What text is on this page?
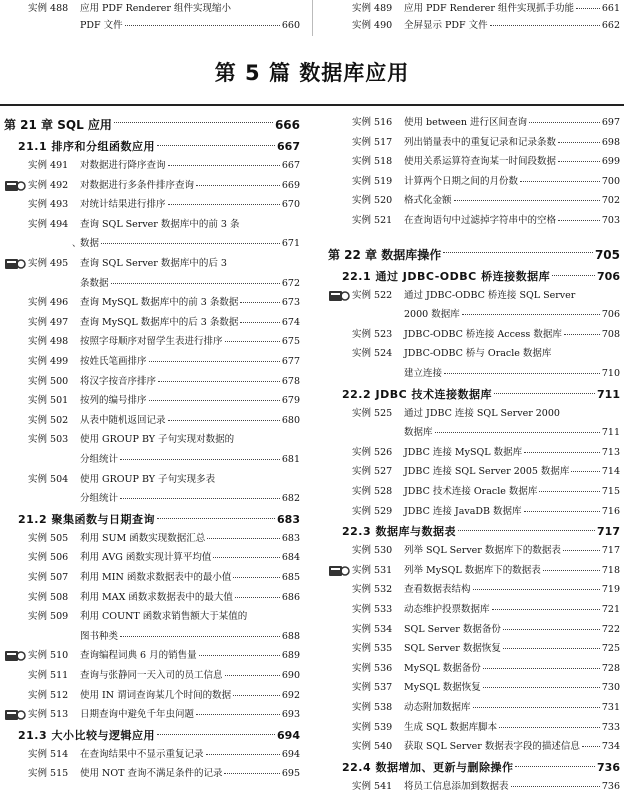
实例 488 应用 PDF Renderer 组件实现缩小
PDF 文件	660
实例 489 应用 PDF Renderer 组件实现抓手功能	661
实例 490 全屏显示 PDF 文件	662
第 5 篇 数据库应用
第 21 章 SQL 应用	666
21.1 排序和分组函数应用	667
实例 491 对数据进行降序查询	667
实例 492 对数据进行多条件排序查询	669
实例 493 对统计结果进行排序	670
实例 494 查询 SQL Server 数据库中的前 3 条
、
数据	671
实例 495 查询 SQL Server 数据库中的后 3
条数据	672
实例 496 查询 MySQL 数据库中的前 3 条数据	673
实例 497 查询 MySQL 数据库中的后 3 条数据	674
实例 498 按照字母顺序对留学生表进行排序	675
实例 499 按姓氏笔画排序	677
实例 500 将汉字按音序排序	678
实例 501 按列的编号排序	679
实例 502 从表中随机返回记录	680
实例 503 使用 GROUP BY 子句实现对数据的
分组统计	681
实例 504 使用 GROUP BY 子句实现多表
分组统计	682
21.2 聚集函数与日期查询	683
实例 505 利用 SUM 函数实现数据汇总	683
实例 506 利用 AVG 函数实现计算平均值	684
实例 507 利用 MIN 函数求数据表中的最小值	685
实例 508 利用 MAX 函数求数据表中的最大值	686
实例 509 利用 COUNT 函数求销售额大于某值的
图书种类	688
实例 510 查询编程词典 6 月的销售量	689
实例 511 查询与张静同一天入司的员工信息	690
实例 512 使用 IN 谓词查询某几个时间的数据	692
实例 513 日期查询中避免千年虫问题	693
21.3 大小比较与逻辑应用	694
实例 514 在查询结果中不显示重复记录	694
实例 515 使用 NOT 查询不满足条件的记录	695
实例 516 使用 between 进行区间查询	697
实例 517 列出销量表中的重复记录和记录条数	698
实例 518 使用关系运算符查询某一时间段数据	699
实例 519 计算两个日期之间的月份数	700
实例 520 格式化金额	702
实例 521 在查询语句中过滤掉字符串中的空格	703
第 22 章 数据库操作	705
22.1 通过 JDBC-ODBC 桥连接数据库	706
实例 522 通过 JDBC-ODBC 桥连接 SQL Server
2000 数据库	706
实例 523 JDBC-ODBC 桥连接 Access 数据库	708
实例 524 JDBC-ODBC 桥与 Oracle 数据库
建立连接	710
22.2 JDBC 技术连接数据库	711
实例 525 通过 JDBC 连接 SQL Server 2000
数据库	711
实例 526 JDBC 连接 MySQL 数据库	713
实例 527 JDBC 连接 SQL Server 2005 数据库	714
实例 528 JDBC 技术连接 Oracle 数据库	715
实例 529 JDBC 连接 JavaDB 数据库	716
22.3 数据库与数据表	717
实例 530 列举 SQL Server 数据库下的数据表	717
实例 531 列举 MySQL 数据库下的数据表	718
实例 532 查看数据表结构	719
实例 533 动态维护投票数据库	721
实例 534 SQL Server 数据备份	722
实例 535 SQL Server 数据恢复	725
实例 536 MySQL 数据备份	728
实例 537 MySQL 数据恢复	730
实例 538 动态附加数据库	731
实例 539 生成 SQL 数据库脚本	733
实例 540 获取 SQL Server 数据表字段的描述信息 734
22.4 数据增加、更新与删除操作	736
实例 541 将员工信息添加到数据表	736
